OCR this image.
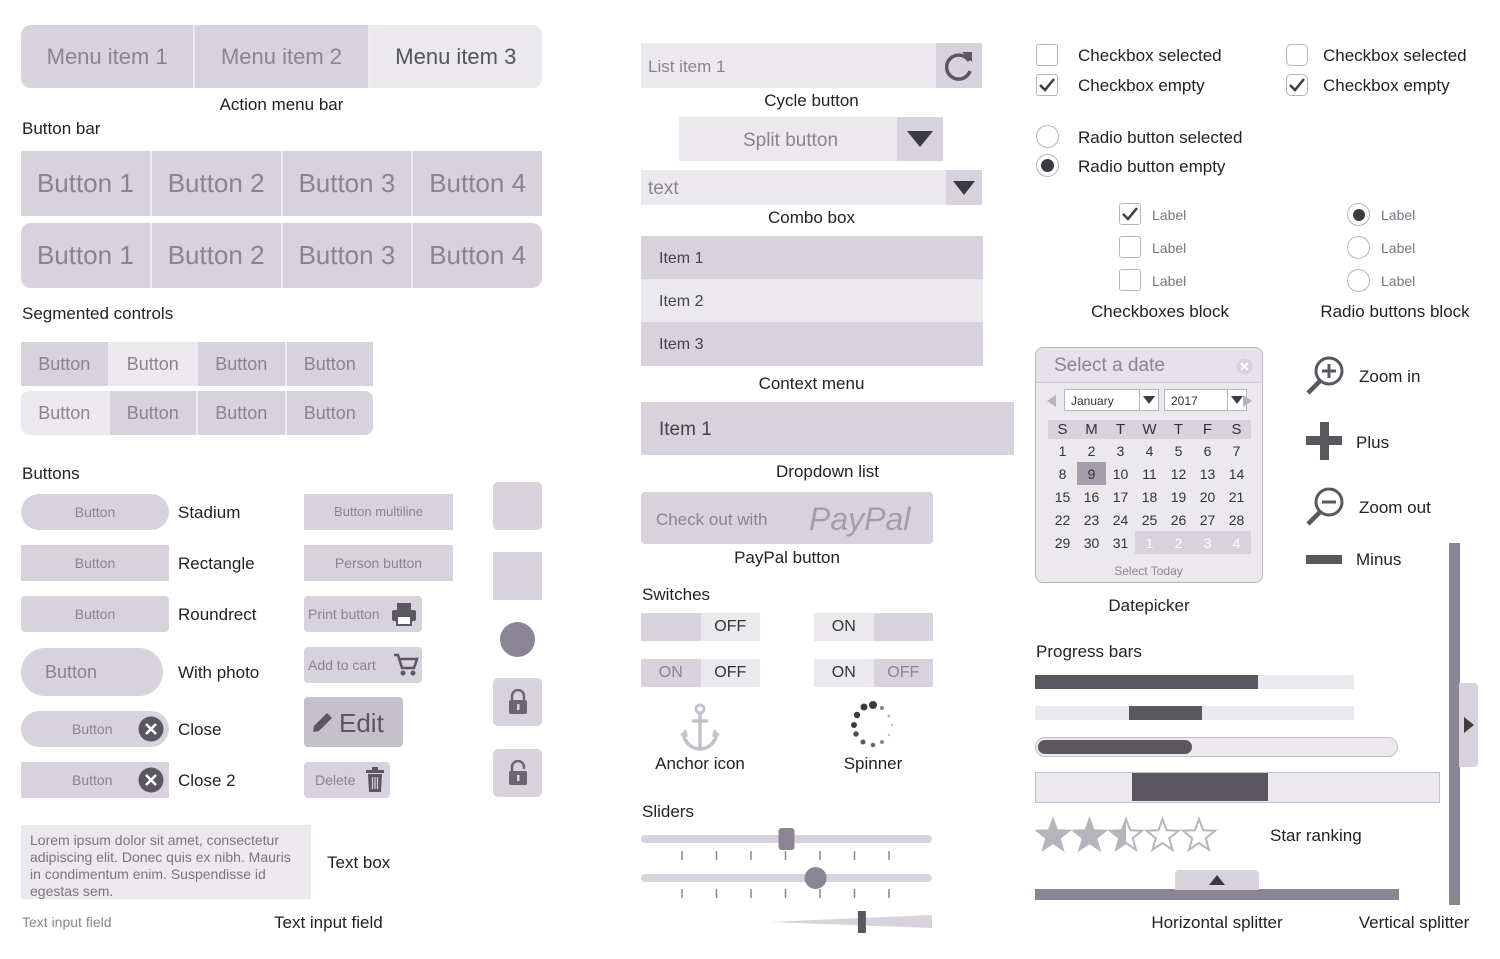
Menu item 1	Menu item 2	Menu item 3
Action menu bar
Button bar
Button 1	Button 2	Button 3	Button 4
Button 1	Button 2	Button 3	Button 4
Segmented controls
Button	Button	Button	Button
Button	Button	Button	Button
Buttons
Button	Stadium
Button	Rectangle
Button	Roundrect
Button	With photo
Button	Close
Button	Close 2
Button multiline
Person button
Print button
Add to cart
Edit
Delete
Lorem ipsum dolor sit amet, consectetur adipiscing elit. Donec quis ex nibh. Mauris in condimentum enim. Suspendisse id egestas sem.
Text box
Text input field	Text input field
List item 1
Cycle button
Split button
text
Combo box
Item 1
Item 2
Item 3
Context menu
Item 1
Dropdown list
Check out with PayPal
PayPal button
Switches
OFF	ON
ON	OFF	ON	OFF
Anchor icon	Spinner
Sliders
Checkbox selected
Checkbox empty
Checkbox selected
Checkbox empty
Radio button selected
Radio button empty
Label
Label
Label
Checkboxes block
Label
Label
Label
Radio buttons block
Select a date
January	2017
S	M	T	W	T	F	S
1	2	3	4	5	6	7
8	9	10	11	12	13	14
15	16	17	18	19	20	21
22	23	24	25	26	27	28
29	30	31	1	2	3	4
Select Today
Datepicker
Zoom in
Plus
Zoom out
Minus
Progress bars
Star ranking
Horizontal splitter	Vertical splitter
